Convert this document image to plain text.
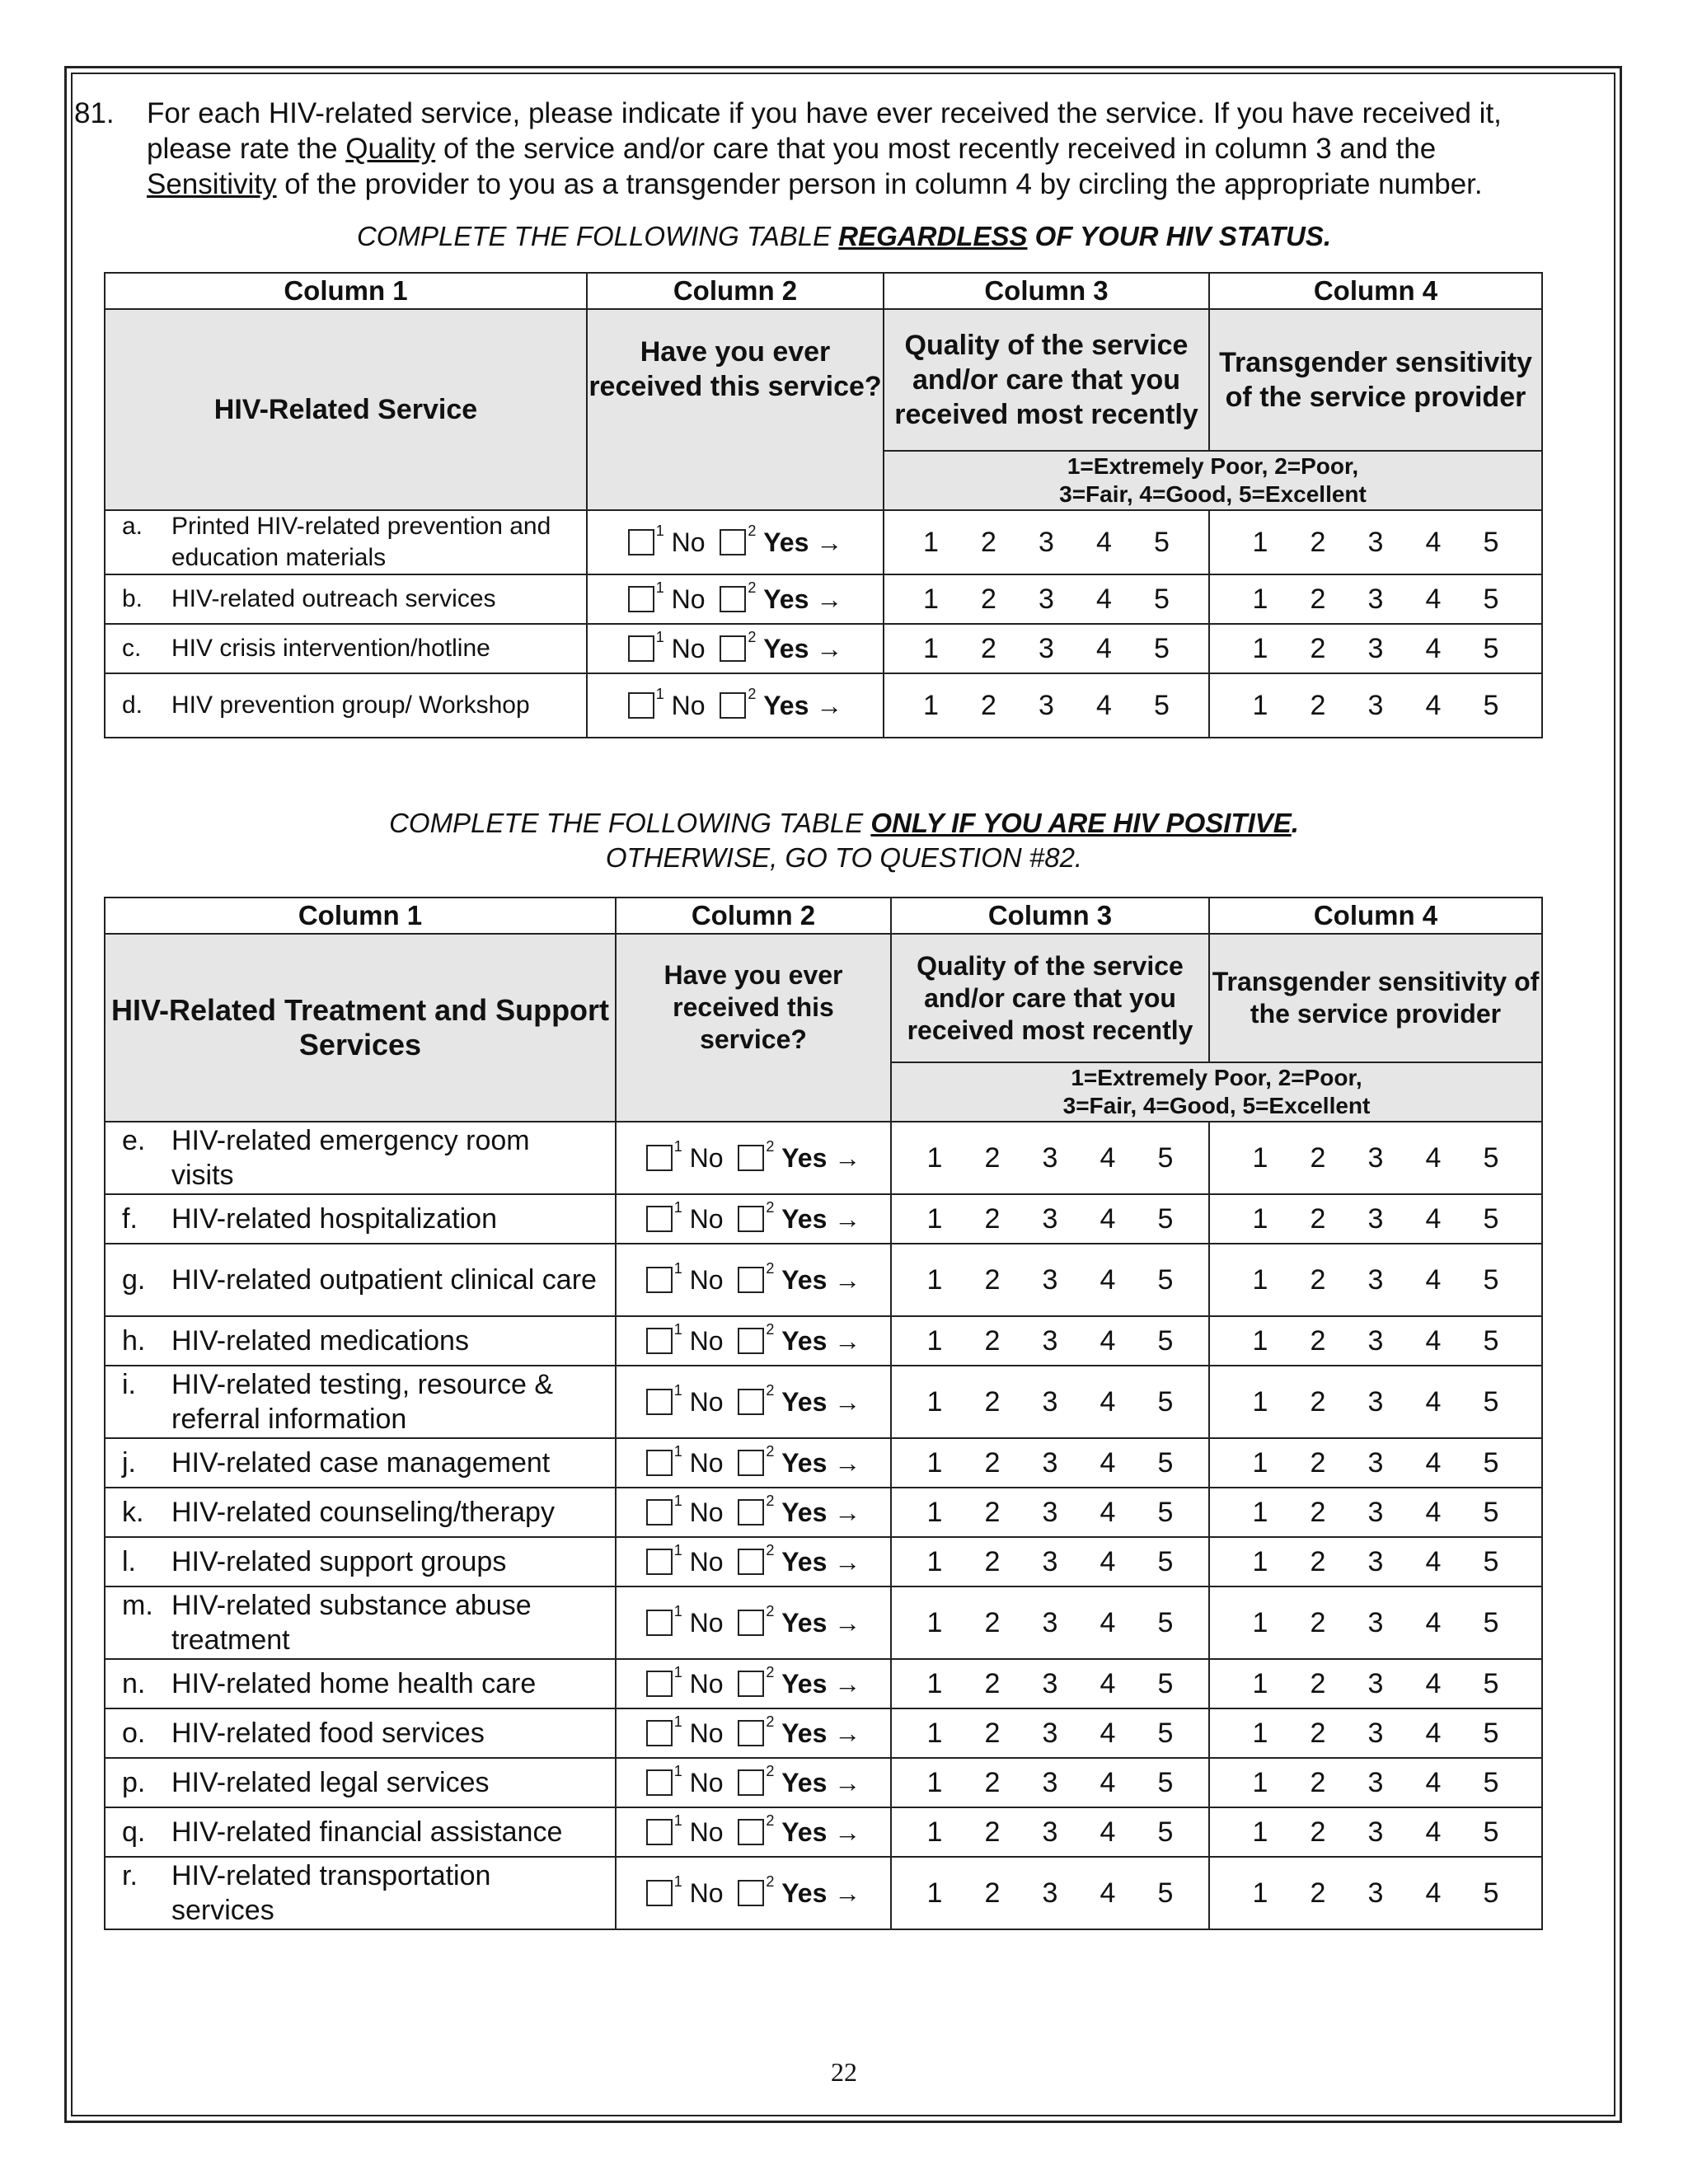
81. For each HIV-related service, please indicate if you have ever received the service. If you have received it, please rate the Quality of the service and/or care that you most recently received in column 3 and the Sensitivity of the provider to you as a transgender person in column 4 by circling the appropriate number.
COMPLETE THE FOLLOWING TABLE REGARDLESS OF YOUR HIV STATUS.
Column 1	Column 2	Column 3	Column 4
HIV-Related Service	Have you ever received this service?	Quality of the service and/or care that you received most recently	Transgender sensitivity of the service provider

		1=Extremely Poor, 2=Poor,
3=Fair, 4=Good, 5=Excellent	

a. Printed HIV-related prevention and education materials	$^1$ No $^2$ Yes →	1 2 3 4 5	1 2 3 4 5
b. HIV-related outreach services	$^1$ No $^2$ Yes →	1 2 3 4 5	1 2 3 4 5
c. HIV crisis intervention/hotline	$^1$ No $^2$ Yes →	1 2 3 4 5	1 2 3 4 5
d. HIV prevention group/ Workshop	$^1$ No $^2$ Yes →	1 2 3 4 5	1 2 3 4 5
COMPLETE THE FOLLOWING TABLE ONLY IF YOU ARE HIV POSITIVE.
OTHERWISE, GO TO QUESTION #82.
Column 1	Column 2	Column 3	Column 4
HIV-Related Treatment and Support Services	Have you ever received this service?	Quality of the service and/or care that you received most recently	Transgender sensitivity of the service provider

		1=Extremely Poor, 2=Poor,
3=Fair, 4=Good, 5=Excellent	

e. HIV-related emergency room visits	$^1$ No $^2$ Yes →	1 2 3 4 5	1 2 3 4 5
f. HIV-related hospitalization	$^1$ No $^2$ Yes →	1 2 3 4 5	1 2 3 4 5
g. HIV-related outpatient clinical care	$^1$ No $^2$ Yes →	1 2 3 4 5	1 2 3 4 5
h. HIV-related medications	$^1$ No $^2$ Yes →	1 2 3 4 5	1 2 3 4 5
i. HIV-related testing, resource & referral information	$^1$ No $^2$ Yes →	1 2 3 4 5	1 2 3 4 5
j. HIV-related case management	$^1$ No $^2$ Yes →	1 2 3 4 5	1 2 3 4 5
k. HIV-related counseling/therapy	$^1$ No $^2$ Yes →	1 2 3 4 5	1 2 3 4 5
l. HIV-related support groups	$^1$ No $^2$ Yes →	1 2 3 4 5	1 2 3 4 5
m. HIV-related substance abuse treatment	$^1$ No $^2$ Yes →	1 2 3 4 5	1 2 3 4 5
n. HIV-related home health care	$^1$ No $^2$ Yes →	1 2 3 4 5	1 2 3 4 5
o. HIV-related food services	$^1$ No $^2$ Yes →	1 2 3 4 5	1 2 3 4 5
p. HIV-related legal services	$^1$ No $^2$ Yes →	1 2 3 4 5	1 2 3 4 5
q. HIV-related financial assistance	$^1$ No $^2$ Yes →	1 2 3 4 5	1 2 3 4 5
r. HIV-related transportation services	$^1$ No $^2$ Yes →	1 2 3 4 5	1 2 3 4 5
22
